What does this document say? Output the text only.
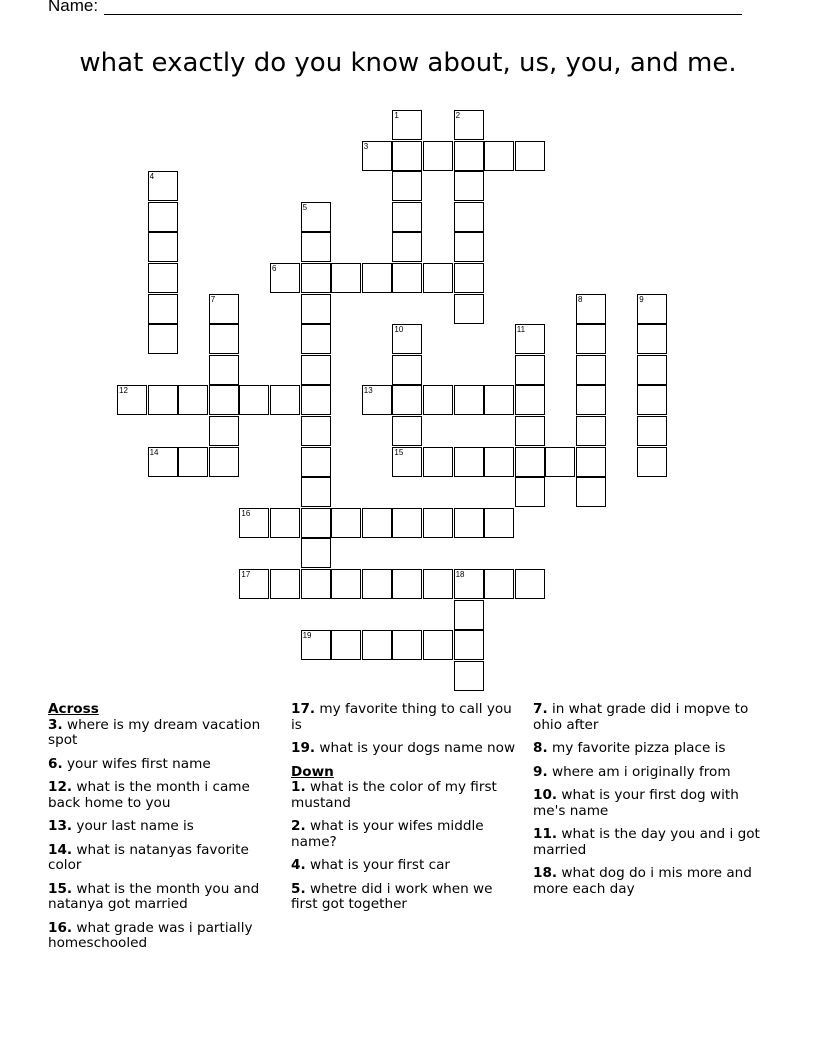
Name:
what exactly do you know about, us, you, and me.
1	2
3
4
5
6
7	8	9
10	11
12	13
14	15
16
17	18
19
Across
3. where is my dream vacation spot
6. your wifes first name
12. what is the month i came back home to you
13. your last name is
14. what is natanyas favorite color
15. what is the month you and natanya got married
16. what grade was i partially homeschooled
17. my favorite thing to call you is
19. what is your dogs name now
Down
1. what is the color of my first mustand
2. what is your wifes middle name?
4. what is your first car
5. whetre did i work when we first got together
7. in what grade did i mopve to ohio after
8. my favorite pizza place is
9. where am i originally from
10. what is your first dog with me's name
11. what is the day you and i got married
18. what dog do i mis more and more each day
